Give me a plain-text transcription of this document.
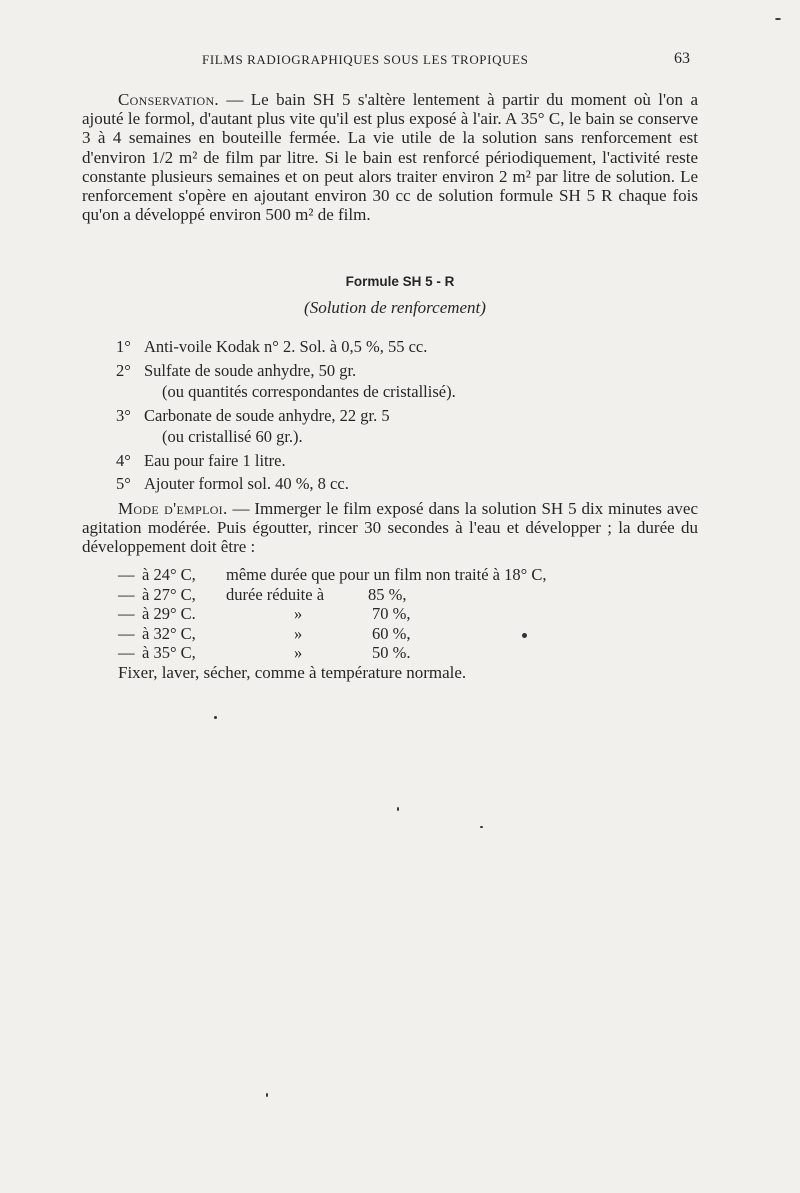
FILMS RADIOGRAPHIQUES SOUS LES TROPIQUES	63

Conservation. — Le bain SH 5 s'altère lentement à partir du moment où l'on a ajouté le formol, d'autant plus vite qu'il est plus exposé à l'air. A 35° C, le bain se conserve 3 à 4 semaines en bouteille fermée. La vie utile de la solution sans renforcement est d'environ 1/2 m² de film par litre. Si le bain est renforcé périodiquement, l'activité reste constante plusieurs semaines et on peut alors traiter environ 2 m² par litre de solution. Le renforcement s'opère en ajoutant environ 30 cc de solution formule SH 5 R chaque fois qu'on a développé environ 500 m² de film.

Formule SH 5 - R
(Solution de renforcement)

1° Anti-voile Kodak n° 2. Sol. à 0,5 %, 55 cc.

2° Sulfate de soude anhydre, 50 gr.
(ou quantités correspondantes de cristallisé).

3° Carbonate de soude anhydre, 22 gr. 5
(ou cristallisé 60 gr.).

4° Eau pour faire 1 litre.

5° Ajouter formol sol. 40 %, 8 cc.

Mode d'emploi. — Immerger le film exposé dans la solution SH 5 dix minutes avec agitation modérée. Puis égoutter, rincer 30 secondes à l'eau et développer ; la durée du développement doit être :

— à 24° C, même durée que pour un film non traité à 18° C,
— à 27° C, durée réduite à	85 %,
— à 29° C.	»	70 %,
— à 32° C,	»	60 %,
— à 35° C,	»	50 %.
Fixer, laver, sécher, comme à température normale.
